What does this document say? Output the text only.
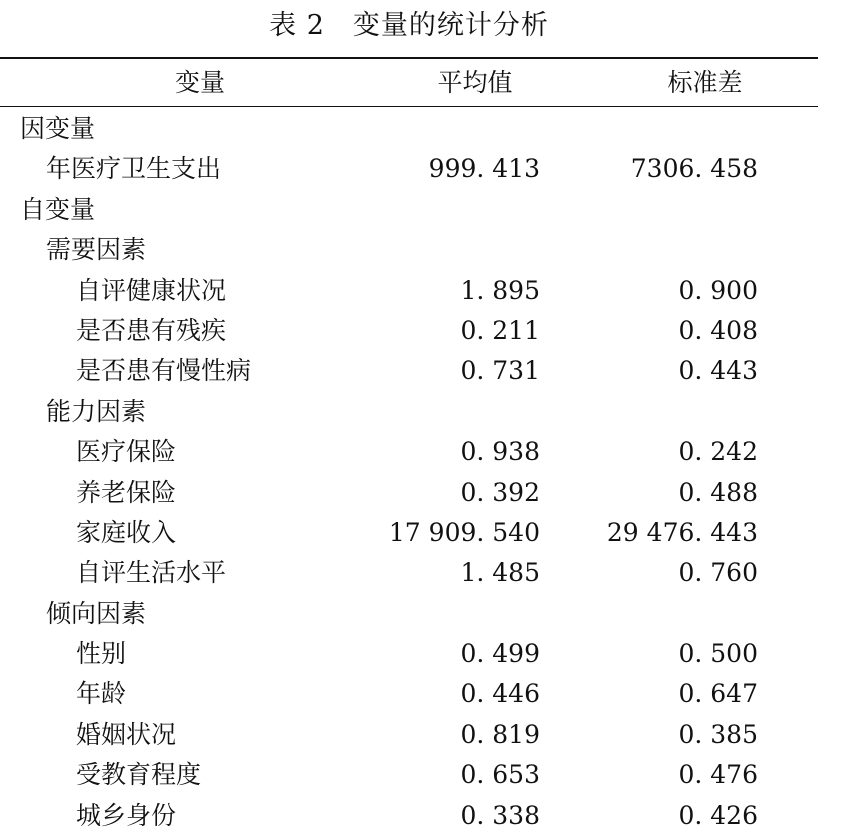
表 2　变量的统计分析
变量	平均值	标准差
因变量
年医疗卫生支出	999. 413	7306. 458
自变量
需要因素
自评健康状况	1. 895	0. 900
是否患有残疾	0. 211	0. 408
是否患有慢性病	0. 731	0. 443
能力因素
医疗保险	0. 938	0. 242
养老保险	0. 392	0. 488
家庭收入	17 909. 540	29 476. 443
自评生活水平	1. 485	0. 760
倾向因素
性别	0. 499	0. 500
年龄	0. 446	0. 647
婚姻状况	0. 819	0. 385
受教育程度	0. 653	0. 476
城乡身份	0. 338	0. 426
